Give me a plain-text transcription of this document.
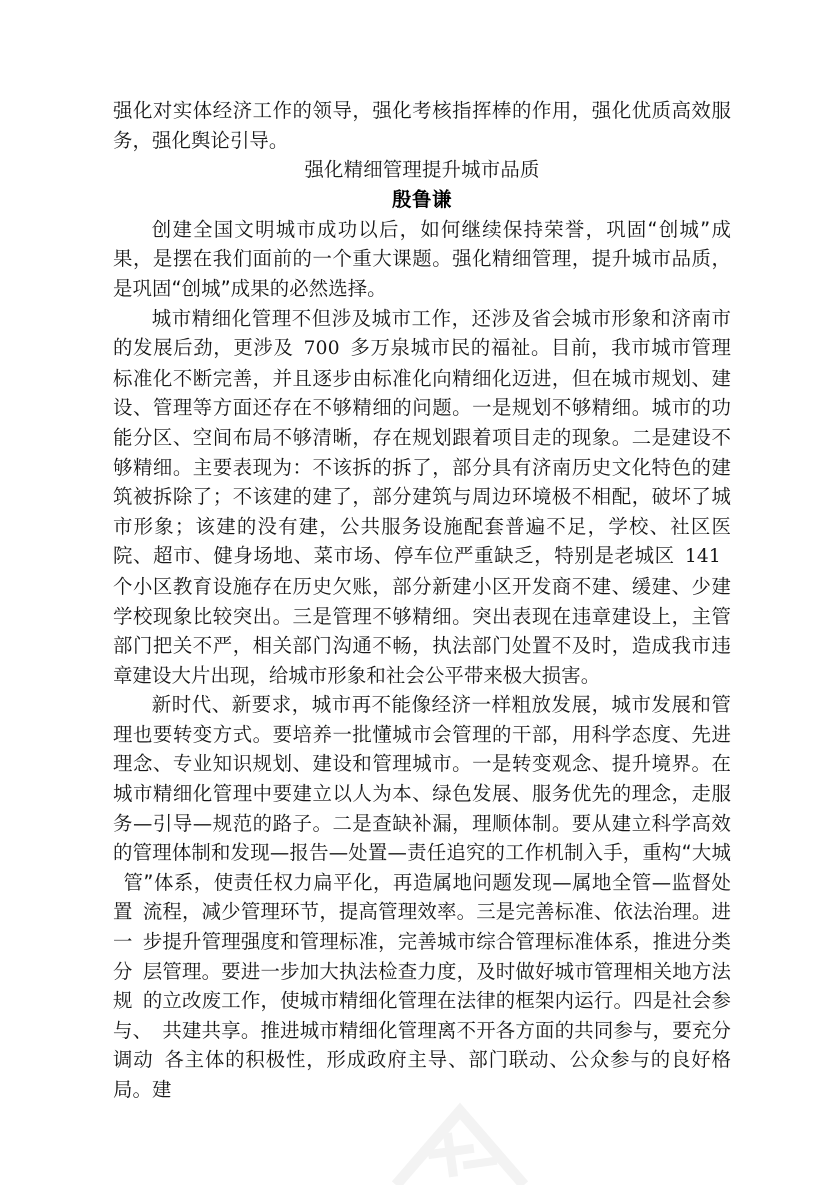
强化对实体经济工作的领导，强化考核指挥棒的作用，强化优质高效服务，强化舆论引导。

强化精细管理提升城市品质

殷鲁谦

创建全国文明城市成功以后，如何继续保持荣誉，巩固“创城”成果，是摆在我们面前的一个重大课题。强化精细管理，提升城市品质，是巩固“创城”成果的必然选择。

城市精细化管理不但涉及城市工作，还涉及省会城市形象和济南市的发展后劲，更涉及 700 多万泉城市民的福祉。目前，我市城市管理标准化不断完善，并且逐步由标准化向精细化迈进，但在城市规划、建设、管理等方面还存在不够精细的问题。一是规划不够精细。城市的功能分区、空间布局不够清晰，存在规划跟着项目走的现象。二是建设不够精细。主要表现为：不该拆的拆了，部分具有济南历史文化特色的建筑被拆除了；不该建的建了，部分建筑与周边环境极不相配，破坏了城市形象；该建的没有建，公共服务设施配套普遍不足，学校、社区医院、超市、健身场地、菜市场、停车位严重缺乏，特别是老城区 141个小区教育设施存在历史欠账，部分新建小区开发商不建、缓建、少建学校现象比较突出。三是管理不够精细。突出表现在违章建设上，主管部门把关不严，相关部门沟通不畅，执法部门处置不及时，造成我市违章建设大片出现，给城市形象和社会公平带来极大损害。

新时代、新要求，城市再不能像经济一样粗放发展，城市发展和管理也要转变方式。要培养一批懂城市会管理的干部，用科学态度、先进理念、专业知识规划、建设和管理城市。一是转变观念、提升境界。在城市精细化管理中要建立以人为本、绿色发展、服务优先的理念，走服务—引导—规范的路子。二是查缺补漏，理顺体制。要从建立科学高效的管理体制和发现—报告—处置—责任追究的工作机制入手，重构“大城管”体系，使责任权力扁平化，再造属地问题发现—属地全管—监督处置 流程，减少管理环节，提高管理效率。三是完善标准、依法治理。进一 步提升管理强度和管理标准，完善城市综合管理标准体系，推进分类分 层管理。要进一步加大执法检查力度，及时做好城市管理相关地方法规 的立改废工作，使城市精细化管理在法律的框架内运行。四是社会参与、 共建共享。推进城市精细化管理离不开各方面的共同参与，要充分调动 各主体的积极性，形成政府主导、部门联动、公众参与的良好格局。建
